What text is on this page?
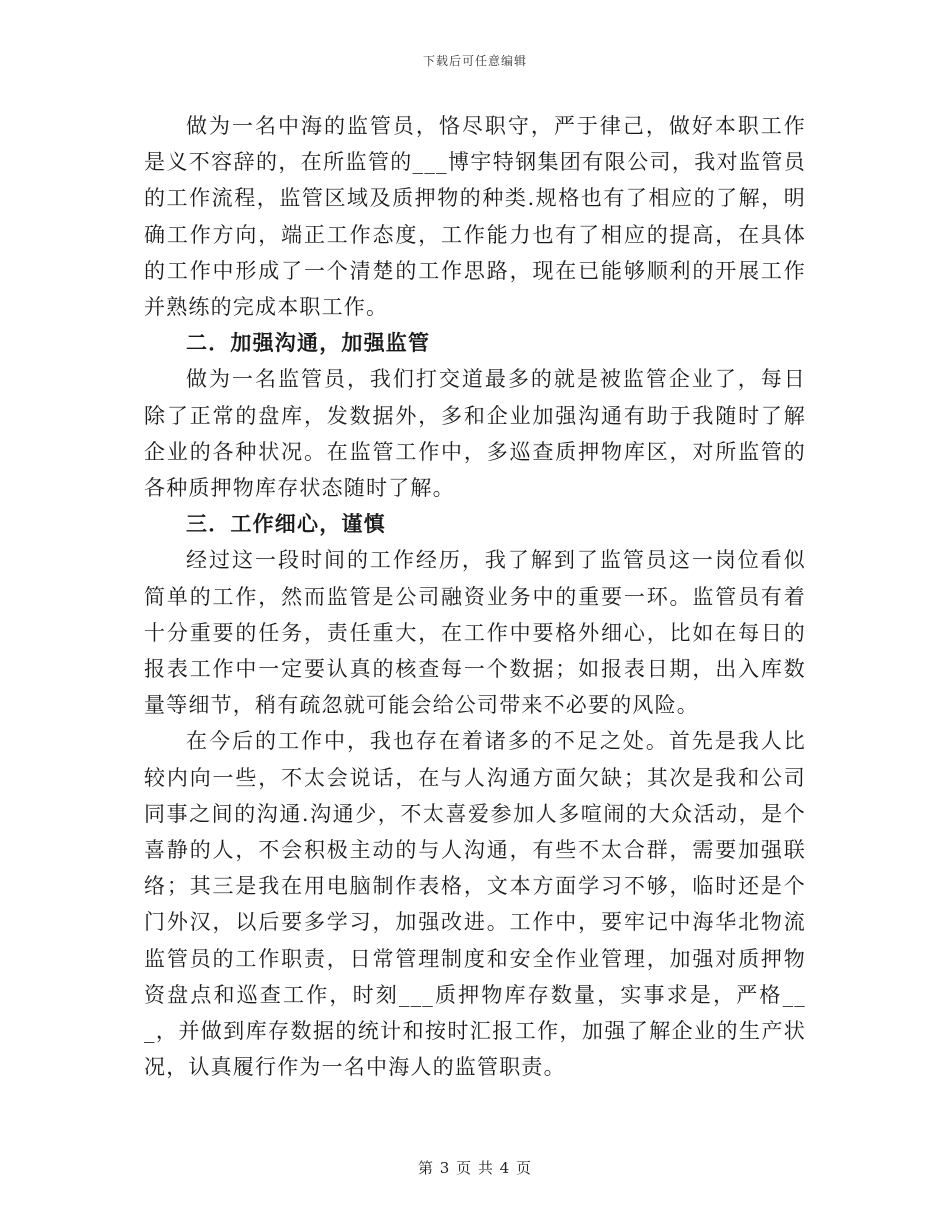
下载后可任意编辑

做为一名中海的监管员，恪尽职守，严于律己，做好本职工作是义不容辞的，在所监管的___博宇特钢集团有限公司，我对监管员的工作流程，监管区域及质押物的种类.规格也有了相应的了解，明确工作方向，端正工作态度，工作能力也有了相应的提高，在具体的工作中形成了一个清楚的工作思路，现在已能够顺利的开展工作并熟练的完成本职工作。

二．加强沟通，加强监管

做为一名监管员，我们打交道最多的就是被监管企业了，每日除了正常的盘库，发数据外，多和企业加强沟通有助于我随时了解企业的各种状况。在监管工作中，多巡查质押物库区，对所监管的各种质押物库存状态随时了解。

三．工作细心，谨慎

经过这一段时间的工作经历，我了解到了监管员这一岗位看似简单的工作，然而监管是公司融资业务中的重要一环。监管员有着十分重要的任务，责任重大，在工作中要格外细心，比如在每日的报表工作中一定要认真的核查每一个数据；如报表日期，出入库数量等细节，稍有疏忽就可能会给公司带来不必要的风险。

在今后的工作中，我也存在着诸多的不足之处。首先是我人比较内向一些，不太会说话，在与人沟通方面欠缺；其次是我和公司同事之间的沟通.沟通少，不太喜爱参加人多喧闹的大众活动，是个喜静的人，不会积极主动的与人沟通，有些不太合群，需要加强联络；其三是我在用电脑制作表格，文本方面学习不够，临时还是个门外汉，以后要多学习，加强改进。工作中，要牢记中海华北物流监管员的工作职责，日常管理制度和安全作业管理，加强对质押物资盘点和巡查工作，时刻___质押物库存数量，实事求是，严格___，并做到库存数据的统计和按时汇报工作，加强了解企业的生产状况，认真履行作为一名中海人的监管职责。

第 3 页 共 4 页
